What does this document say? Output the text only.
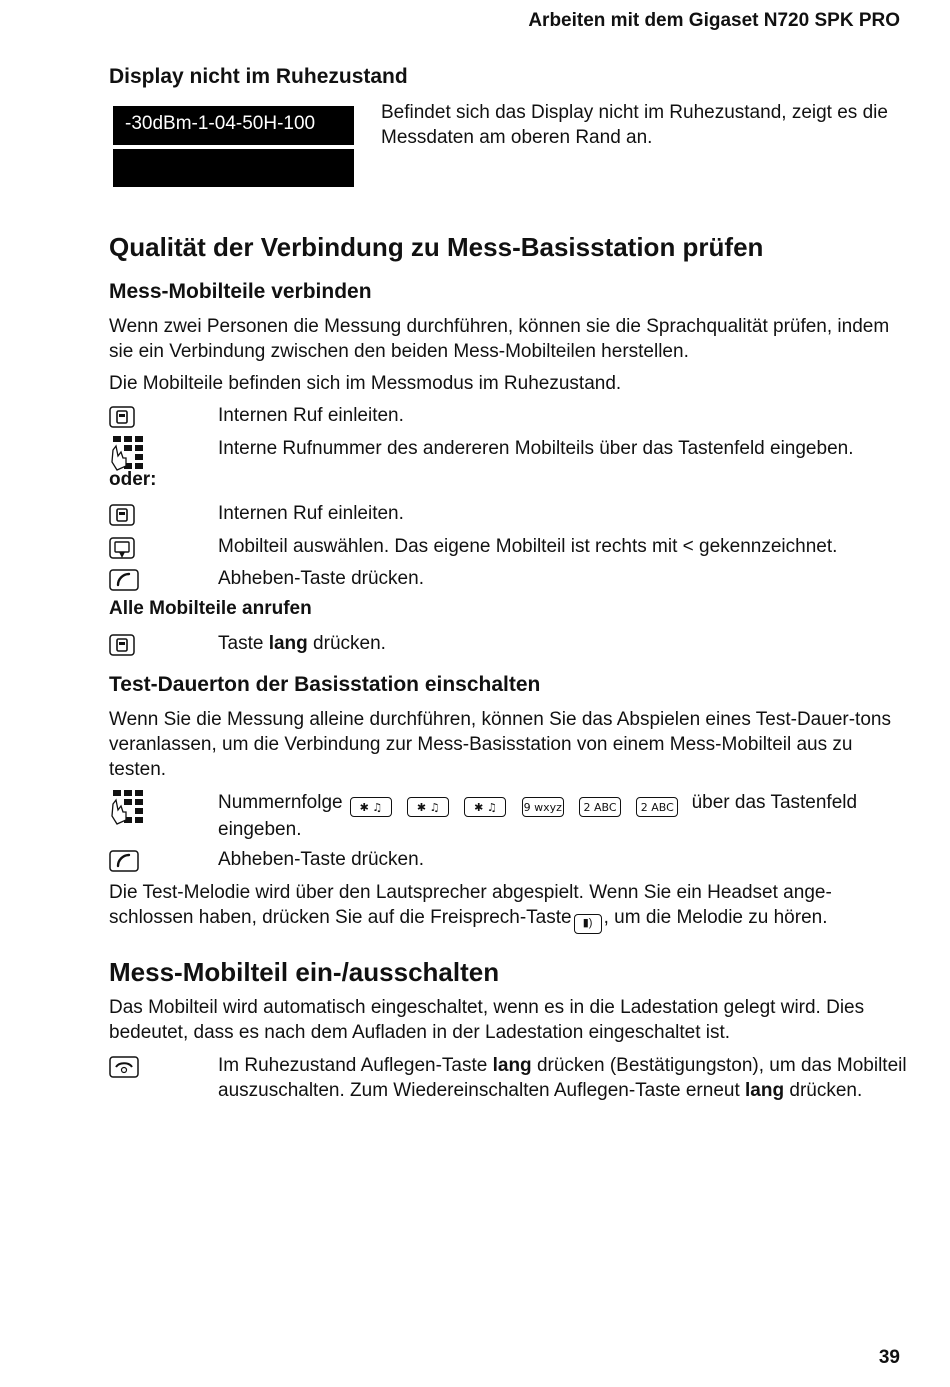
Arbeiten mit dem Gigaset N720 SPK PRO
Display nicht im Ruhezustand
-30dBm-1-04-50H-100
Befindet sich das Display nicht im Ruhezustand, zeigt es die Messdaten am oberen Rand an.
Qualität der Verbindung zu Mess-Basisstation prüfen
Mess-Mobilteile verbinden

Wenn zwei Personen die Messung durchführen, können sie die Sprachqualität prüfen, indem sie ein Verbindung zwischen den beiden Mess-Mobilteilen herstellen.

Die Mobilteile befinden sich im Messmodus im Ruhezustand.

Internen Ruf einleiten.
Interne Rufnummer des andereren Mobilteils über das Tastenfeld eingeben.
oder:
Internen Ruf einleiten.
Mobilteil auswählen. Das eigene Mobilteil ist rechts mit < gekennzeichnet.
Abheben-Taste drücken.
Alle Mobilteile anrufen
Taste lang drücken.
Test-Dauerton der Basisstation einschalten

Wenn Sie die Messung alleine durchführen, können Sie das Abspielen eines Test-Dauer-tons veranlassen, um die Verbindung zur Mess-Basisstation von einem Mess-Mobilteil aus zu testen.

Nummernfolge ✱ ♫	✱ ♫	✱ ♫ 9 wxyz 2 ABC 2 ABC über das Tastenfeld eingeben.
Abheben-Taste drücken.

Die Test-Melodie wird über den Lautsprecher abgespielt. Wenn Sie ein Headset ange-schlossen haben, drücken Sie auf die Freisprech-Taste ▮) , um die Melodie zu hören.

Mess-Mobilteil ein-/ausschalten

Das Mobilteil wird automatisch eingeschaltet, wenn es in die Ladestation gelegt wird. Dies bedeutet, dass es nach dem Aufladen in der Ladestation eingeschaltet ist.

Im Ruhezustand Auflegen-Taste lang drücken (Bestätigungston), um das Mobilteil auszuschalten. Zum Wiedereinschalten Auflegen-Taste erneut lang drücken.
39
